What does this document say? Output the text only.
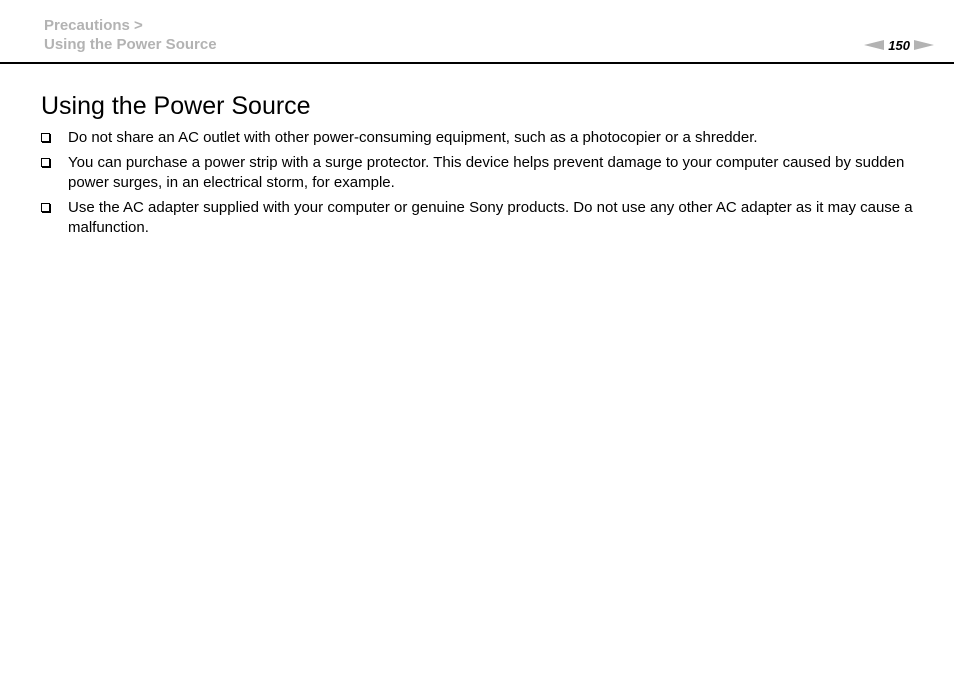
Precautions >
Using the Power Source	150
Using the Power Source
Do not share an AC outlet with other power-consuming equipment, such as a photocopier or a shredder.
You can purchase a power strip with a surge protector. This device helps prevent damage to your computer caused by sudden power surges, in an electrical storm, for example.
Use the AC adapter supplied with your computer or genuine Sony products. Do not use any other AC adapter as it may cause a malfunction.
